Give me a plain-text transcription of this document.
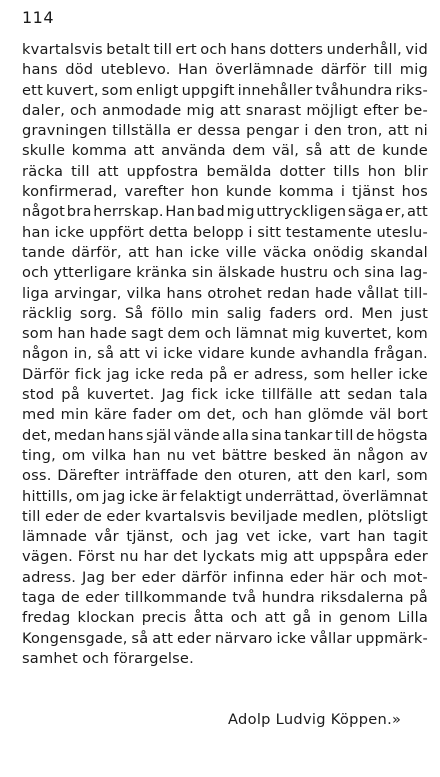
114
kvartalsvis betalt till ert och hans dotters underhåll, vid
hans död uteblevo. Han överlämnade därför till mig
ett kuvert, som enligt uppgift innehåller tvåhundra riks-
daler, och anmodade mig att snarast möjligt efter be-
gravningen tillställa er dessa pengar i den tron, att ni
skulle komma att använda dem väl, så att de kunde
räcka till att uppfostra bemälda dotter tills hon blir
konfirmerad, varefter hon kunde komma i tjänst hos
något bra herrskap. Han bad mig uttryckligen säga er, att
han icke uppfört detta belopp i sitt testamente uteslu-
tande därför, att han icke ville väcka onödig skandal
och ytterligare kränka sin älskade hustru och sina lag-
liga arvingar, vilka hans otrohet redan hade vållat till-
räcklig sorg. Så föllo min salig faders ord. Men just
som han hade sagt dem och lämnat mig kuvertet, kom
någon in, så att vi icke vidare kunde avhandla frågan.
Därför fick jag icke reda på er adress, som heller icke
stod på kuvertet. Jag fick icke tillfälle att sedan tala
med min käre fader om det, och han glömde väl bort
det, medan hans själ vände alla sina tankar till de högsta
ting, om vilka han nu vet bättre besked än någon av
oss. Därefter inträffade den oturen, att den karl, som
hittills, om jag icke är felaktigt underrättad, överlämnat
till eder de eder kvartalsvis beviljade medlen, plötsligt
lämnade vår tjänst, och jag vet icke, vart han tagit
vägen. Först nu har det lyckats mig att uppspåra eder
adress. Jag ber eder därför infinna eder här och mot-
taga de eder tillkommande två hundra riksdalerna på
fredag klockan precis åtta och att gå in genom Lilla
Kongensgade, så att eder närvaro icke vållar uppmärk-
samhet och förargelse.
Adolp Ludvig Köppen.»
